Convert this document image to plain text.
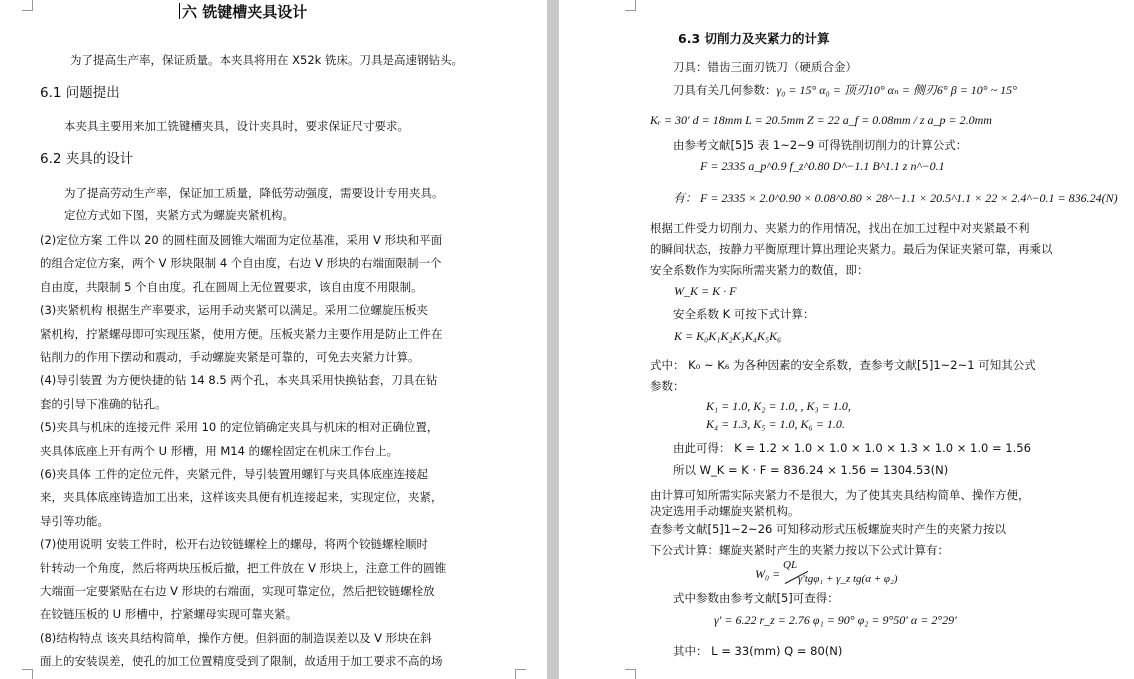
六 铣键槽夹具设计
为了提高生产率，保证质量。本夹具将用在 X52k 铣床。刀具是高速钢钻头。
6.1 问题提出
本夹具主要用来加工铣键槽夹具，设计夹具时，要求保证尺寸要求。
6.2 夹具的设计
为了提高劳动生产率，保证加工质量，降低劳动强度，需要设计专用夹具。
定位方式如下图，夹紧方式为螺旋夹紧机构。
(2)定位方案 工件以 20 的圆柱面及圆锥大端面为定位基准，采用 V 形块和平面
的组合定位方案，两个 V 形块限制 4 个自由度，右边 V 形块的右端面限制一个
自由度，共限制 5 个自由度。孔在圆周上无位置要求，该自由度不用限制。
(3)夹紧机构 根据生产率要求，运用手动夹紧可以满足。采用二位螺旋压板夹
紧机构，拧紧螺母即可实现压紧，使用方便。压板夹紧力主要作用是防止工件在
钻削力的作用下摆动和震动，手动螺旋夹紧是可靠的，可免去夹紧力计算。
(4)导引装置 为方便快捷的钻 14 8.5 两个孔，本夹具采用快换钻套，刀具在钻
套的引导下准确的钻孔。
(5)夹具与机床的连接元件 采用 10 的定位销确定夹具与机床的相对正确位置，
夹具体底座上开有两个 U 形槽，用 M14 的螺栓固定在机床工作台上。
(6)夹具体 工件的定位元件，夹紧元件，导引装置用螺钉与夹具体底座连接起
来，夹具体底座铸造加工出来，这样该夹具便有机连接起来，实现定位，夹紧，
导引等功能。
(7)使用说明 安装工件时，松开右边铰链螺栓上的螺母，将两个铰链螺栓顺时
针转动一个角度，然后将两块压板后撤，把工件放在 V 形块上，注意工件的圆锥
大端面一定要紧贴在右边 V 形块的右端面，实现可靠定位，然后把铰链螺栓放
在铰链压板的 U 形槽中，拧紧螺母实现可靠夹紧。
(8)结构特点 该夹具结构简单，操作方便。但斜面的制造误差以及 V 形块在斜
面上的安装误差，使孔的加工位置精度受到了限制，故适用于加工要求不高的场
6.3 切削力及夹紧力的计算
刀具：错齿三面刃铣刀（硬质合金）
刀具有关几何参数：γ₀ = 15° α₀ = 顶刃10° αₙ = 侧刃6° β = 10° ~ 15°
Kᵣ = 30′ d = 18mm L = 20.5mm Z = 22 a_f = 0.08mm / z a_p = 2.0mm
由参考文献[5]5 表 1~2~9 可得铣削切削力的计算公式：
F = 2335 a_p^0.9 f_z^0.80 D^−1.1 B^1.1 z n^−0.1
有： F = 2335 × 2.0^0.90 × 0.08^0.80 × 28^−1.1 × 20.5^1.1 × 22 × 2.4^−0.1 = 836.24(N)
根据工件受力切削力、夹紧力的作用情况，找出在加工过程中对夹紧最不利
的瞬间状态，按静力平衡原理计算出理论夹紧力。最后为保证夹紧可靠，再乘以
安全系数作为实际所需夹紧力的数值，即：
W_K = K · F
安全系数 K 可按下式计算：
K = K₀K₁K₂K₃K₄K₅K₆
式中： K₀ ~ K₆ 为各种因素的安全系数，查参考文献[5]1~2~1 可知其公式
参数：
K₁ = 1.0, K₂ = 1.0, , K₃ = 1.0,
K₄ = 1.3, K₅ = 1.0, K₆ = 1.0.
由此可得： K = 1.2 × 1.0 × 1.0 × 1.0 × 1.3 × 1.0 × 1.0 = 1.56
所以 W_K = K · F = 836.24 × 1.56 = 1304.53(N)
由计算可知所需实际夹紧力不是很大，为了使其夹具结构简单、操作方便，
决定选用手动螺旋夹紧机构。
查参考文献[5]1~2~26 可知移动形式压板螺旋夹时产生的夹紧力按以
下公式计算：螺旋夹紧时产生的夹紧力按以下公式计算有：
W₀ =
QL
γ′tgφ₁ + γ_z tg(α + φ₂)
式中参数由参考文献[5]可查得：
γ′ = 6.22 r_z = 2.76 φ₁ = 90° φ₂ = 9°50′ α = 2°29′
其中： L = 33(mm) Q = 80(N)
